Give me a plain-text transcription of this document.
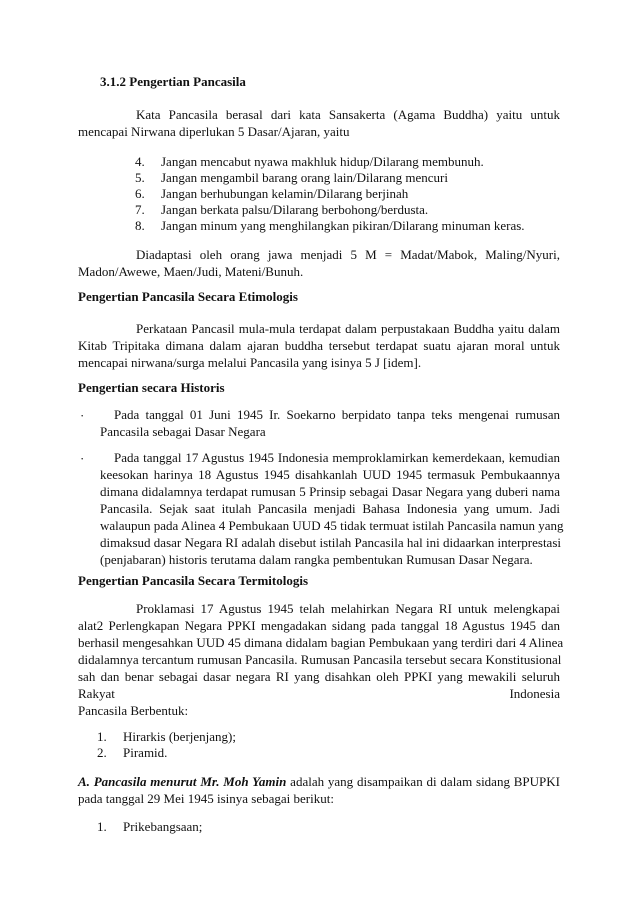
3.1.2 Pengertian Pancasila
Kata Pancasila berasal dari kata Sansakerta (Agama Buddha) yaitu untuk
mencapai Nirwana diperlukan 5 Dasar/Ajaran, yaitu
4. Jangan mencabut nyawa makhluk hidup/Dilarang membunuh.
5. Jangan mengambil barang orang lain/Dilarang mencuri
6. Jangan berhubungan kelamin/Dilarang berjinah
7. Jangan berkata palsu/Dilarang berbohong/berdusta.
8. Jangan minum yang menghilangkan pikiran/Dilarang minuman keras.
Diadaptasi oleh orang jawa menjadi 5 M = Madat/Mabok, Maling/Nyuri,
Madon/Awewe, Maen/Judi, Mateni/Bunuh.
Pengertian Pancasila Secara Etimologis
Perkataan Pancasil mula-mula terdapat dalam perpustakaan Buddha yaitu dalam
Kitab Tripitaka dimana dalam ajaran buddha tersebut terdapat suatu ajaran moral untuk
mencapai nirwana/surga melalui Pancasila yang isinya 5 J [idem].
Pengertian secara Historis
· Pada tanggal 01 Juni 1945 Ir. Soekarno berpidato tanpa teks mengenai rumusan
Pancasila sebagai Dasar Negara
· Pada tanggal 17 Agustus 1945 Indonesia memproklamirkan kemerdekaan, kemudian
keesokan harinya 18 Agustus 1945 disahkanlah UUD 1945 termasuk Pembukaannya
dimana didalamnya terdapat rumusan 5 Prinsip sebagai Dasar Negara yang duberi nama
Pancasila. Sejak saat itulah Pancasila menjadi Bahasa Indonesia yang umum. Jadi
walaupun pada Alinea 4 Pembukaan UUD 45 tidak termuat istilah Pancasila namun yang
dimaksud dasar Negara RI adalah disebut istilah Pancasila hal ini didaarkan interprestasi
(penjabaran) historis terutama dalam rangka pembentukan Rumusan Dasar Negara.
Pengertian Pancasila Secara Termitologis
Proklamasi 17 Agustus 1945 telah melahirkan Negara RI untuk melengkapai
alat2 Perlengkapan Negara PPKI mengadakan sidang pada tanggal 18 Agustus 1945 dan
berhasil mengesahkan UUD 45 dimana didalam bagian Pembukaan yang terdiri dari 4 Alinea
didalamnya tercantum rumusan Pancasila. Rumusan Pancasila tersebut secara Konstitusional
sah dan benar sebagai dasar negara RI yang disahkan oleh PPKI yang mewakili seluruh
Rakyat	Indonesia
Pancasila Berbentuk:
1. Hirarkis (berjenjang);
2. Piramid.
A. Pancasila menurut Mr. Moh Yamin adalah yang disampaikan di dalam sidang BPUPKI
pada tanggal 29 Mei 1945 isinya sebagai berikut:
1. Prikebangsaan;
